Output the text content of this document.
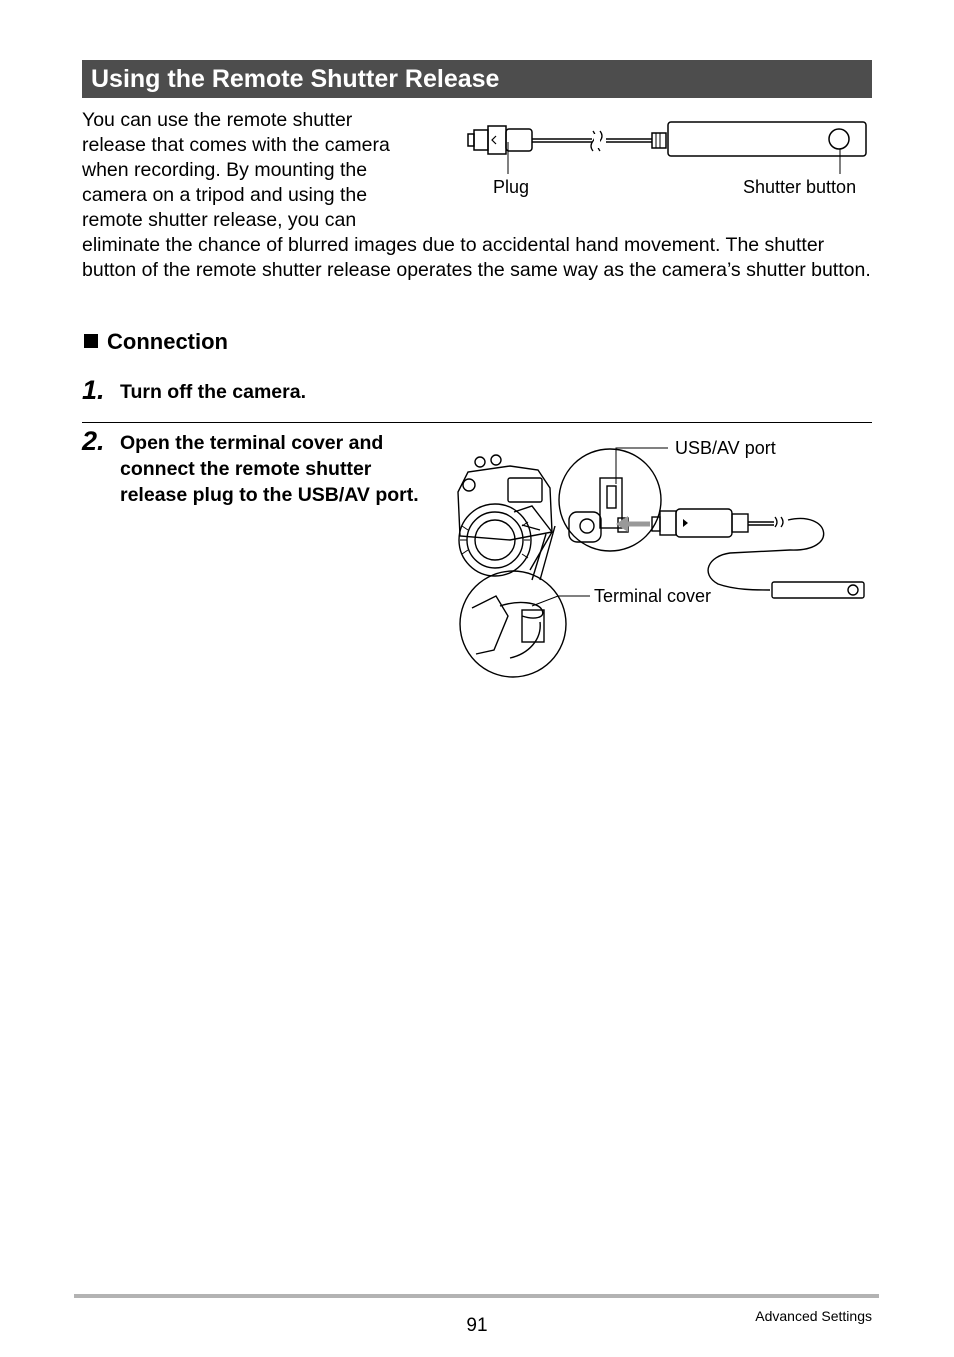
Using the Remote Shutter Release
You can use the remote shutter
release that comes with the camera
when recording. By mounting the
camera on a tripod and using the
remote shutter release, you can
eliminate the chance of blurred images due to accidental hand movement. The shutter button of the remote shutter release operates the same way as the camera’s shutter button.
Plug	Shutter button
Connection
1. Turn off the camera.
2. Open the terminal cover and connect the remote shutter release plug to the USB/AV port.
USB/AV port
Terminal cover
91	Advanced Settings
